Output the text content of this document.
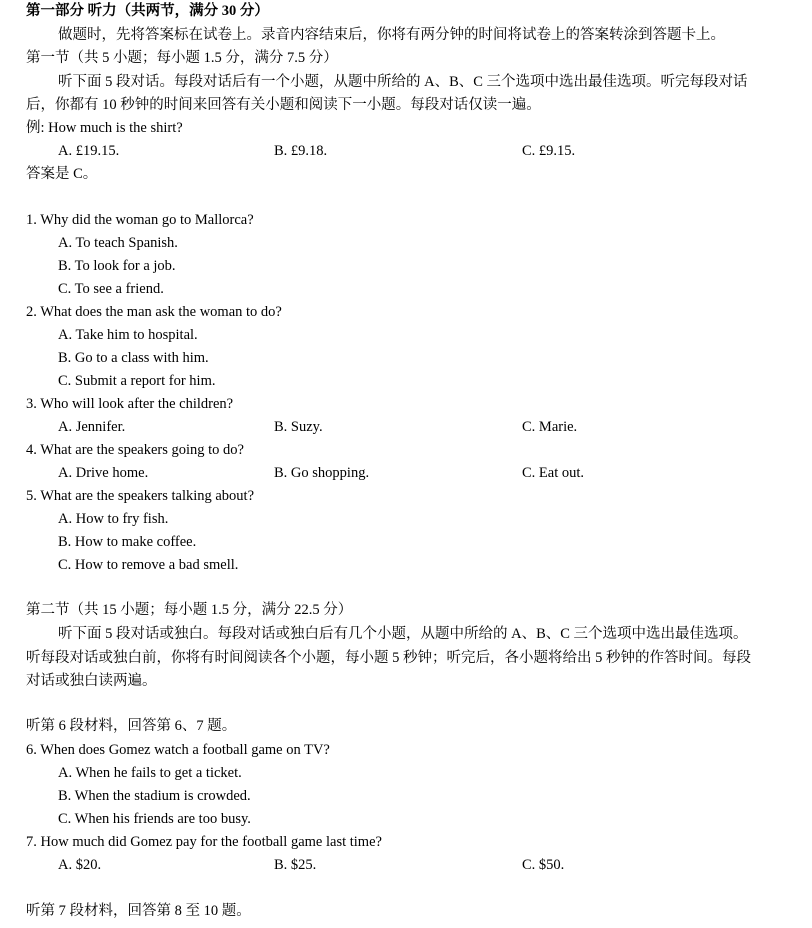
第一部分 听力（共两节，满分 30 分）
做题时，先将答案标在试卷上。录音内容结束后，你将有两分钟的时间将试卷上的答案转涂到答题卡上。
第一节（共 5 小题；每小题 1.5 分，满分 7.5 分）
听下面 5 段对话。每段对话后有一个小题，从题中所给的 A、B、C 三个选项中选出最佳选项。听完每段对话
后，你都有 10 秒钟的时间来回答有关小题和阅读下一小题。每段对话仅读一遍。
例: How much is the shirt?
A. £19.15.	B. £9.18.	C. £9.15.
答案是 C。
1. Why did the woman go to Mallorca?
A. To teach Spanish.
B. To look for a job.
C. To see a friend.
2. What does the man ask the woman to do?
A. Take him to hospital.
B. Go to a class with him.
C. Submit a report for him.
3. Who will look after the children?
A. Jennifer.	B. Suzy.	C. Marie.
4. What are the speakers going to do?
A. Drive home.	B. Go shopping.	C. Eat out.
5. What are the speakers talking about?
A. How to fry fish.
B. How to make coffee.
C. How to remove a bad smell.
第二节（共 15 小题；每小题 1.5 分，满分 22.5 分）
听下面 5 段对话或独白。每段对话或独白后有几个小题，从题中所给的 A、B、C 三个选项中选出最佳选项。
听每段对话或独白前，你将有时间阅读各个小题，每小题 5 秒钟；听完后，各小题将给出 5 秒钟的作答时间。每段
对话或独白读两遍。
听第 6 段材料，回答第 6、7 题。
6. When does Gomez watch a football game on TV?
A. When he fails to get a ticket.
B. When the stadium is crowded.
C. When his friends are too busy.
7. How much did Gomez pay for the football game last time?
A. $20.	B. $25.	C. $50.
听第 7 段材料，回答第 8 至 10 题。
